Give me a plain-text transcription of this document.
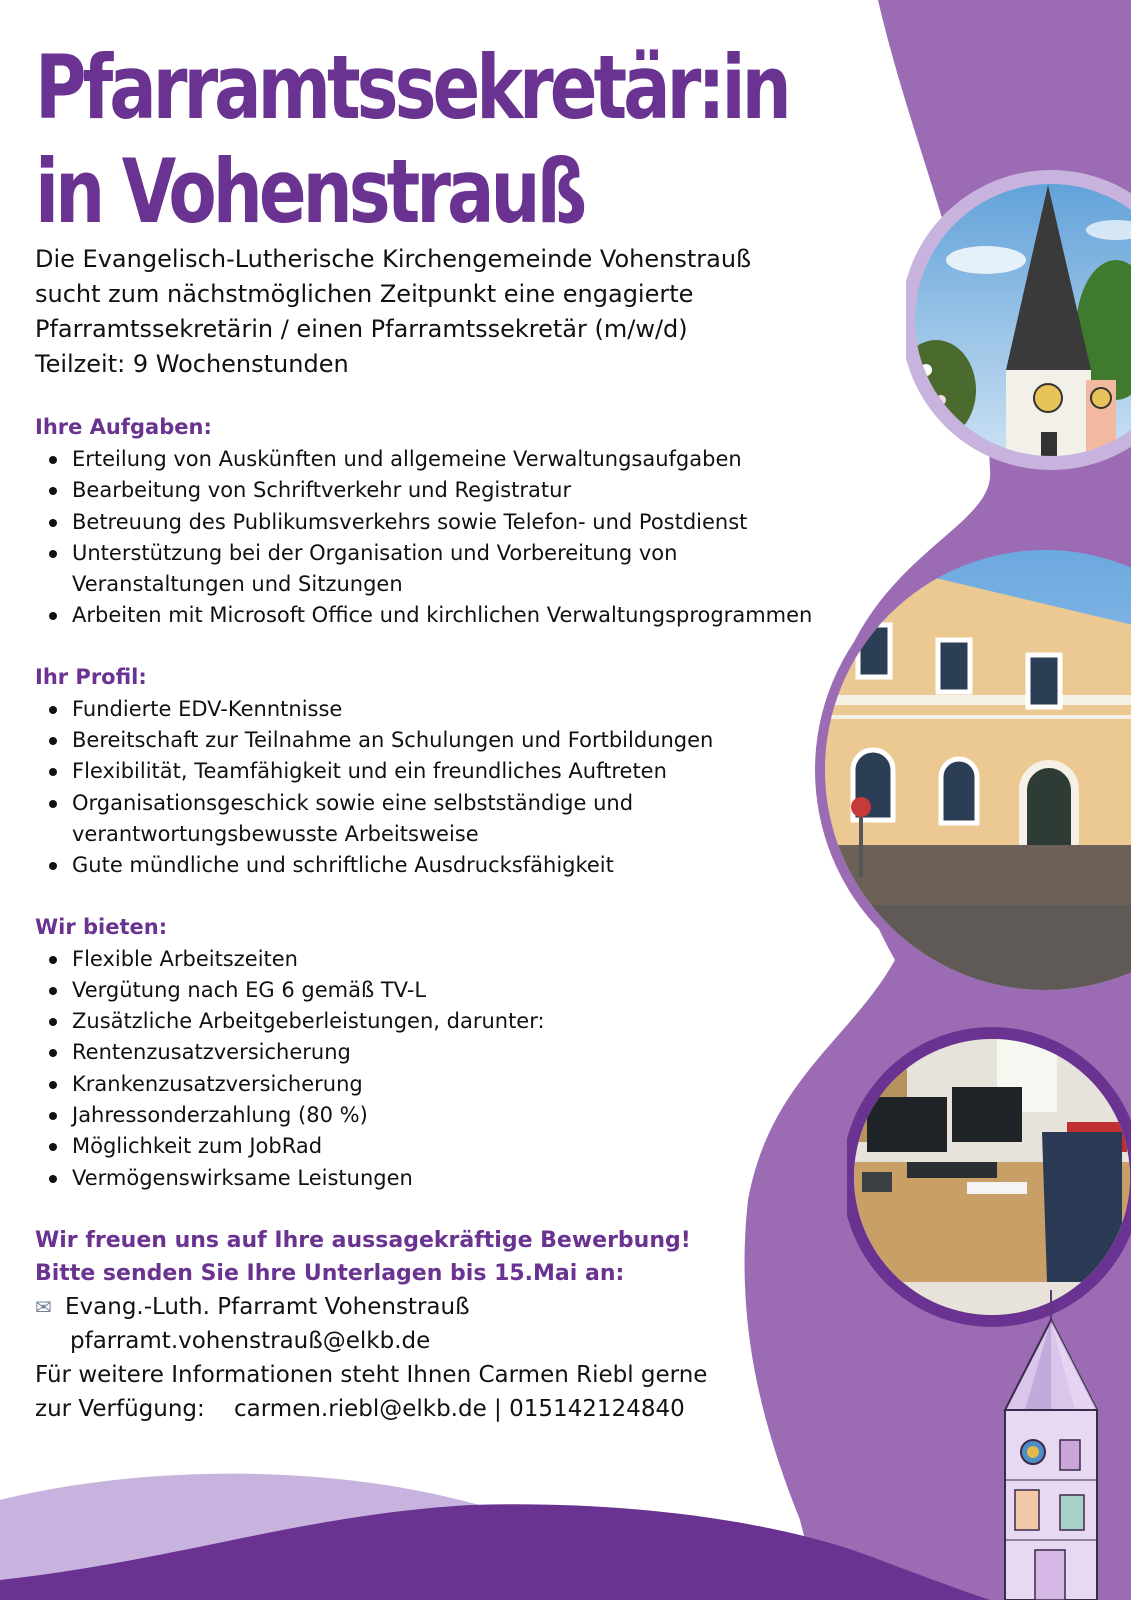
Pfarramtssekretär:in
in Vohenstrauß
Die Evangelisch-Lutherische Kirchengemeinde Vohenstrauß
sucht zum nächstmöglichen Zeitpunkt eine engagierte
Pfarramtssekretärin / einen Pfarramtssekretär (m/w/d)
Teilzeit: 9 Wochenstunden
Ihre Aufgaben:
Erteilung von Auskünften und allgemeine Verwaltungsaufgaben
Bearbeitung von Schriftverkehr und Registratur
Betreuung des Publikumsverkehrs sowie Telefon- und Postdienst
Unterstützung bei der Organisation und Vorbereitung von
Veranstaltungen und Sitzungen
Arbeiten mit Microsoft Office und kirchlichen Verwaltungsprogrammen
Ihr Profil:
Fundierte EDV-Kenntnisse
Bereitschaft zur Teilnahme an Schulungen und Fortbildungen
Flexibilität, Teamfähigkeit und ein freundliches Auftreten
Organisationsgeschick sowie eine selbstständige und
verantwortungsbewusste Arbeitsweise
Gute mündliche und schriftliche Ausdrucksfähigkeit
Wir bieten:
Flexible Arbeitszeiten
Vergütung nach EG 6 gemäß TV-L
Zusätzliche Arbeitgeberleistungen, darunter:
Rentenzusatzversicherung
Krankenzusatzversicherung
Jahressonderzahlung (80 %)
Möglichkeit zum JobRad
Vermögenswirksame Leistungen
Wir freuen uns auf Ihre aussagekräftige Bewerbung!
Bitte senden Sie Ihre Unterlagen bis 15.Mai an:
✉ Evang.-Luth. Pfarramt Vohenstrauß
pfarramt.vohenstrauß@elkb.de
Für weitere Informationen steht Ihnen Carmen Riebl gerne
zur Verfügung: carmen.riebl@elkb.de | 015142124840
